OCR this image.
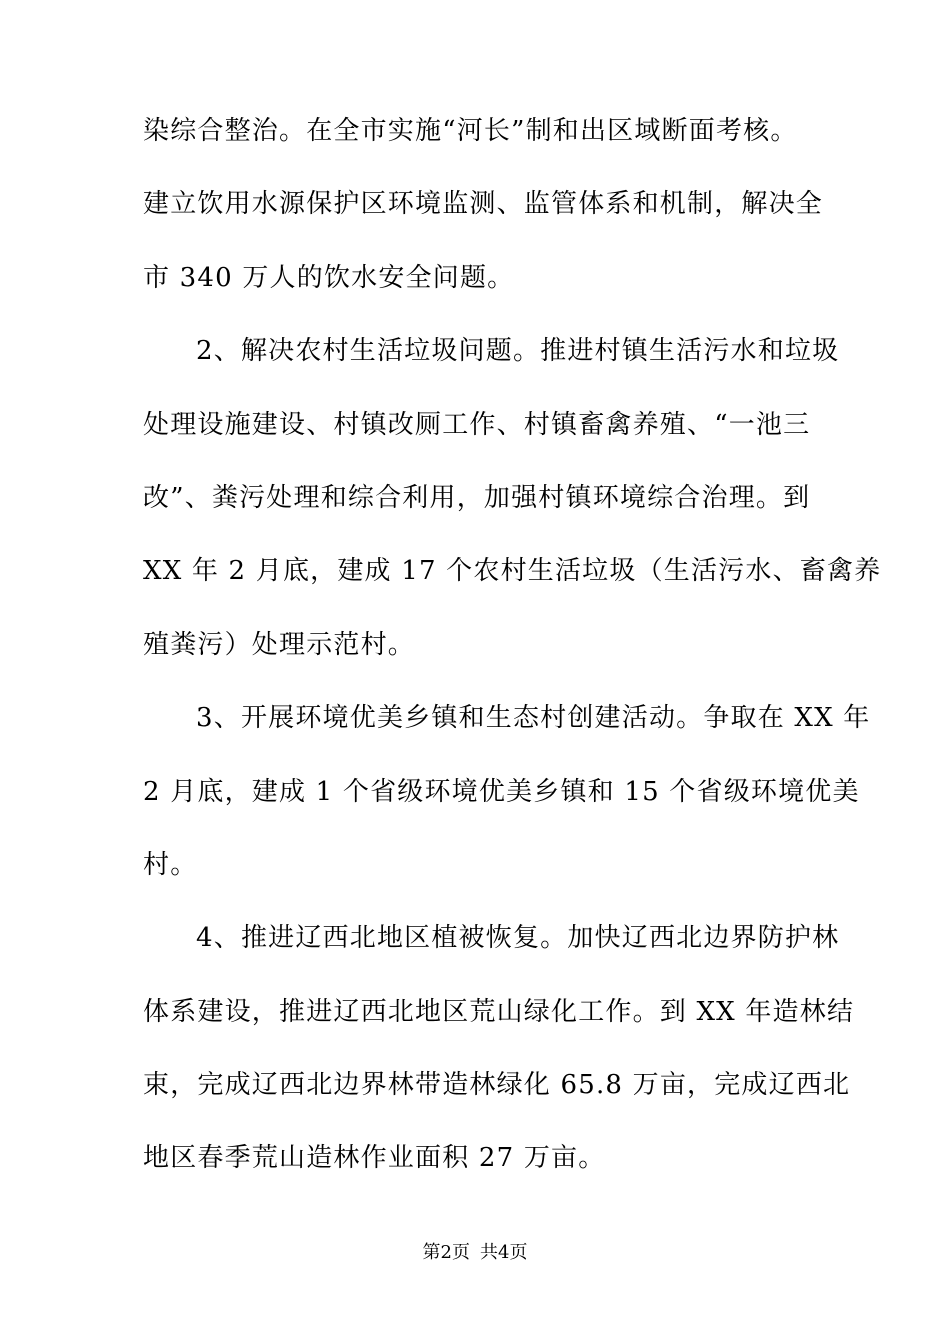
染综合整治。在全市实施“河长”制和出区域断面考核。
建立饮用水源保护区环境监测、监管体系和机制，解决全
市 340 万人的饮水安全问题。
2、解决农村生活垃圾问题。推进村镇生活污水和垃圾
处理设施建设、村镇改厕工作、村镇畜禽养殖、“一池三
改”、粪污处理和综合利用，加强村镇环境综合治理。到
XX 年 2 月底，建成 17 个农村生活垃圾（生活污水、畜禽养
殖粪污）处理示范村。
3、开展环境优美乡镇和生态村创建活动。争取在 XX 年
2 月底，建成 1 个省级环境优美乡镇和 15 个省级环境优美
村。
4、推进辽西北地区植被恢复。加快辽西北边界防护林
体系建设，推进辽西北地区荒山绿化工作。到 XX 年造林结
束，完成辽西北边界林带造林绿化 65.8 万亩，完成辽西北
地区春季荒山造林作业面积 27 万亩。
第2页 共4页
